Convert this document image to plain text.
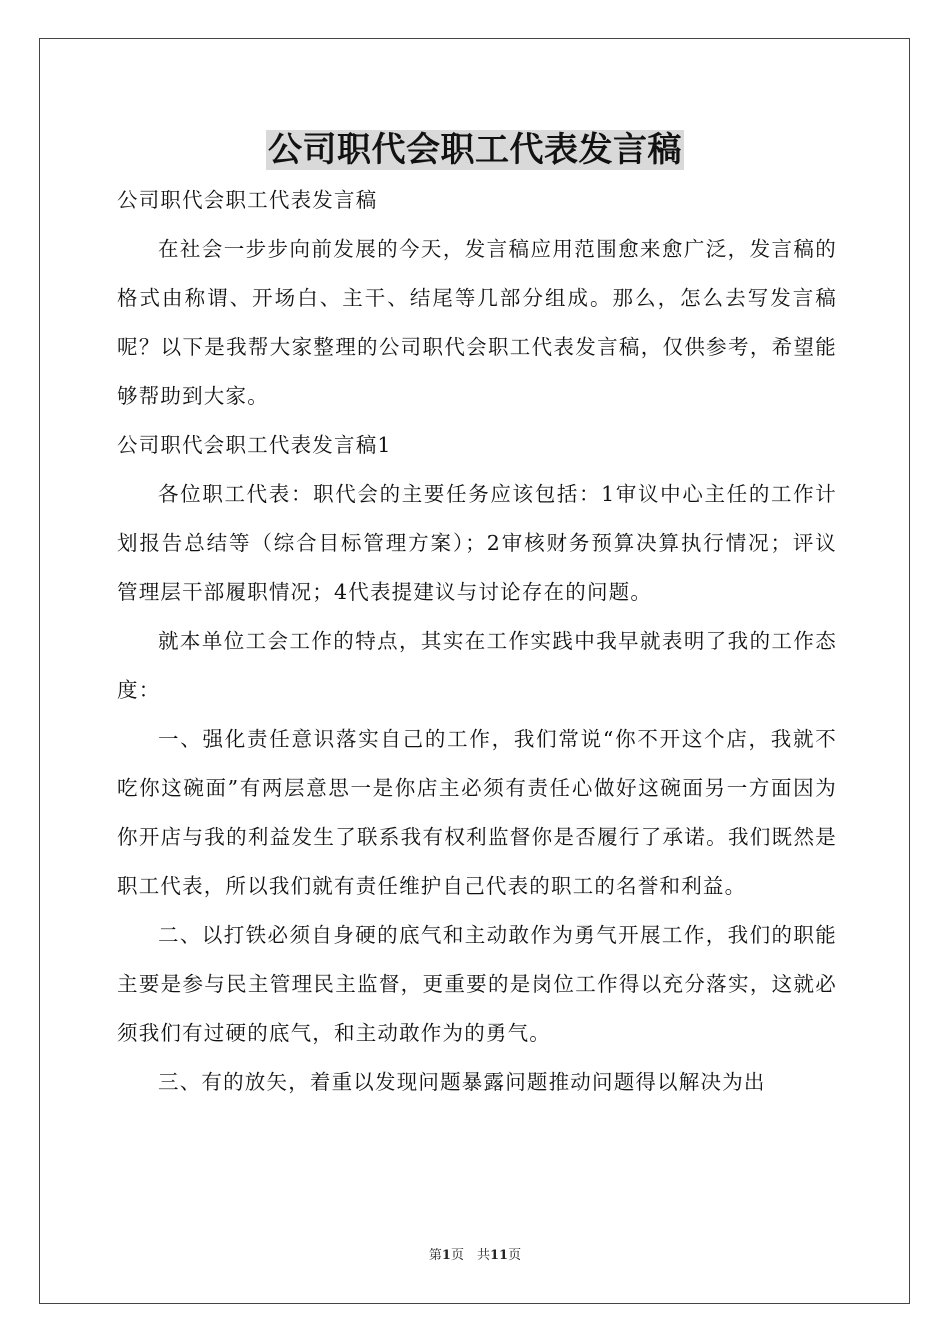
公司职代会职工代表发言稿

公司职代会职工代表发言稿

在社会一步步向前发展的今天，发言稿应用范围愈来愈广泛，发言稿的格式由称谓、开场白、主干、结尾等几部分组成。那么，怎么去写发言稿呢？以下是我帮大家整理的公司职代会职工代表发言稿，仅供参考，希望能够帮助到大家。

公司职代会职工代表发言稿1

各位职工代表：职代会的主要任务应该包括：1审议中心主任的工作计划报告总结等（综合目标管理方案）；2审核财务预算决算执行情况；评议管理层干部履职情况；4代表提建议与讨论存在的问题。

就本单位工会工作的特点，其实在工作实践中我早就表明了我的工作态度：

一、强化责任意识落实自己的工作，我们常说“你不开这个店，我就不吃你这碗面”有两层意思一是你店主必须有责任心做好这碗面另一方面因为你开店与我的利益发生了联系我有权利监督你是否履行了承诺。我们既然是职工代表，所以我们就有责任维护自己代表的职工的名誉和利益。

二、以打铁必须自身硬的底气和主动敢作为勇气开展工作，我们的职能主要是参与民主管理民主监督，更重要的是岗位工作得以充分落实，这就必须我们有过硬的底气，和主动敢作为的勇气。

三、有的放矢，着重以发现问题暴露问题推动问题得以解决为出

第1页　共11页
